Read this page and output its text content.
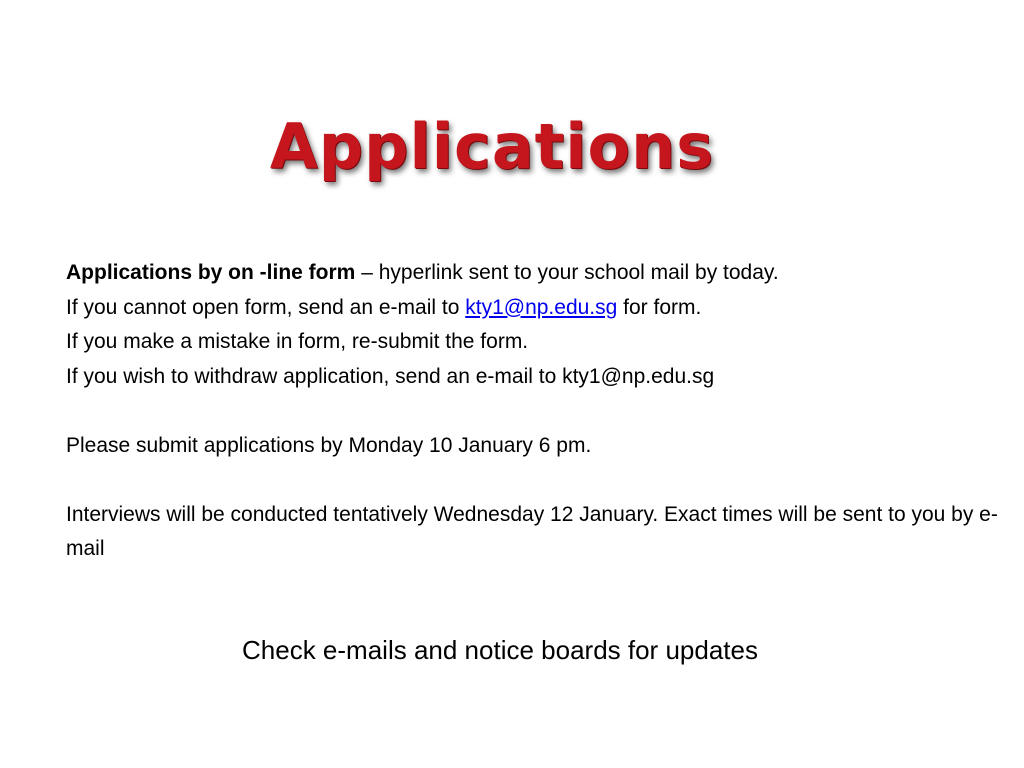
Applications
Applications by on -line form – hyperlink sent to your school mail by today.
If you cannot open form, send an e-mail to kty1@np.edu.sg for form.
If you make a mistake in form, re-submit the form.
If you wish to withdraw application, send an e-mail to kty1@np.edu.sg
Please submit applications by Monday 10 January 6 pm.
Interviews will be conducted tentatively Wednesday 12 January. Exact times will be sent to you by e-mail
Check e-mails and notice boards for updates
